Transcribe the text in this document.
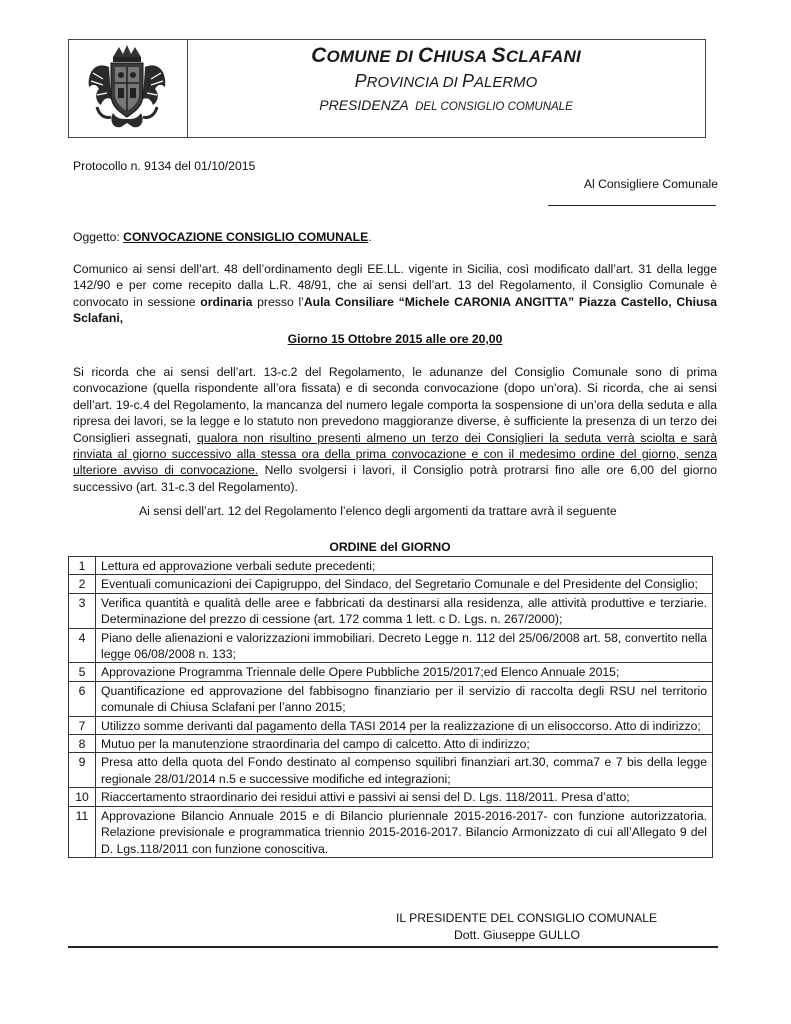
COMUNE DI CHIUSA SCLAFANI
PROVINCIA DI PALERMO
PRESIDENZA DEL CONSIGLIO COMUNALE
Protocollo n. 9134 del 01/10/2015
Al Consigliere Comunale
Oggetto: CONVOCAZIONE CONSIGLIO COMUNALE.
Comunico ai sensi dell’art. 48 dell’ordinamento degli EE.LL. vigente in Sicilia, così modificato dall’art. 31 della legge 142/90 e per come recepito dalla L.R. 48/91, che ai sensi dell’art. 13 del Regolamento, il Consiglio Comunale è convocato in sessione ordinaria presso l’Aula Consiliare “Michele CARONIA ANGITTA” Piazza Castello, Chiusa Sclafani,
Giorno 15 Ottobre 2015 alle ore 20,00
Si ricorda che ai sensi dell’art. 13-c.2 del Regolamento, le adunanze del Consiglio Comunale sono di prima convocazione (quella rispondente all’ora fissata) e di seconda convocazione (dopo un’ora). Si ricorda, che ai sensi dell’art. 19-c.4 del Regolamento, la mancanza del numero legale comporta la sospensione di un’ora della seduta e alla ripresa dei lavori, se la legge e lo statuto non prevedono maggioranze diverse, è sufficiente la presenza di un terzo dei Consiglieri assegnati, qualora non risultino presenti almeno un terzo dei Consiglieri la seduta verrà sciolta e sarà rinviata al giorno successivo alla stessa ora della prima convocazione e con il medesimo ordine del giorno, senza ulteriore avviso di convocazione. Nello svolgersi i lavori, il Consiglio potrà protrarsi fino alle ore 6,00 del giorno successivo (art. 31-c.3 del Regolamento).
Ai sensi dell’art. 12 del Regolamento l’elenco degli argomenti da trattare avrà il seguente
ORDINE del GIORNO
1	Lettura ed approvazione verbali sedute precedenti;
2	Eventuali comunicazioni dei Capigruppo, del Sindaco, del Segretario Comunale e del Presidente del Consiglio;
3	Verifica quantità e qualità delle aree e fabbricati da destinarsi alla residenza, alle attività produttive e terziarie. Determinazione del prezzo di cessione (art. 172 comma 1 lett. c D. Lgs. n. 267/2000);
4	Piano delle alienazioni e valorizzazioni immobiliari. Decreto Legge n. 112 del 25/06/2008 art. 58, convertito nella legge 06/08/2008 n. 133;
5	Approvazione Programma Triennale delle Opere Pubbliche 2015/2017;ed Elenco Annuale 2015;
6	Quantificazione ed approvazione del fabbisogno finanziario per il servizio di raccolta degli RSU nel territorio comunale di Chiusa Sclafani per l’anno 2015;
7	Utilizzo somme derivanti dal pagamento della TASI 2014 per la realizzazione di un elisoccorso. Atto di indirizzo;
8	Mutuo per la manutenzione straordinaria del campo di calcetto. Atto di indirizzo;
9	Presa atto della quota del Fondo destinato al compenso squilibri finanziari art.30, comma7 e 7 bis della legge regionale 28/01/2014 n.5 e successive modifiche ed integrazioni;
10	Riaccertamento straordinario dei residui attivi e passivi ai sensi del D. Lgs. 118/2011. Presa d’atto;
11	Approvazione Bilancio Annuale 2015 e di Bilancio pluriennale 2015-2016-2017- con funzione autorizzatoria. Relazione previsionale e programmatica triennio 2015-2016-2017. Bilancio Armonizzato di cui all’Allegato 9 del D. Lgs.118/2011 con funzione conoscitiva.
IL PRESIDENTE DEL CONSIGLIO COMUNALE
Dott. Giuseppe GULLO
